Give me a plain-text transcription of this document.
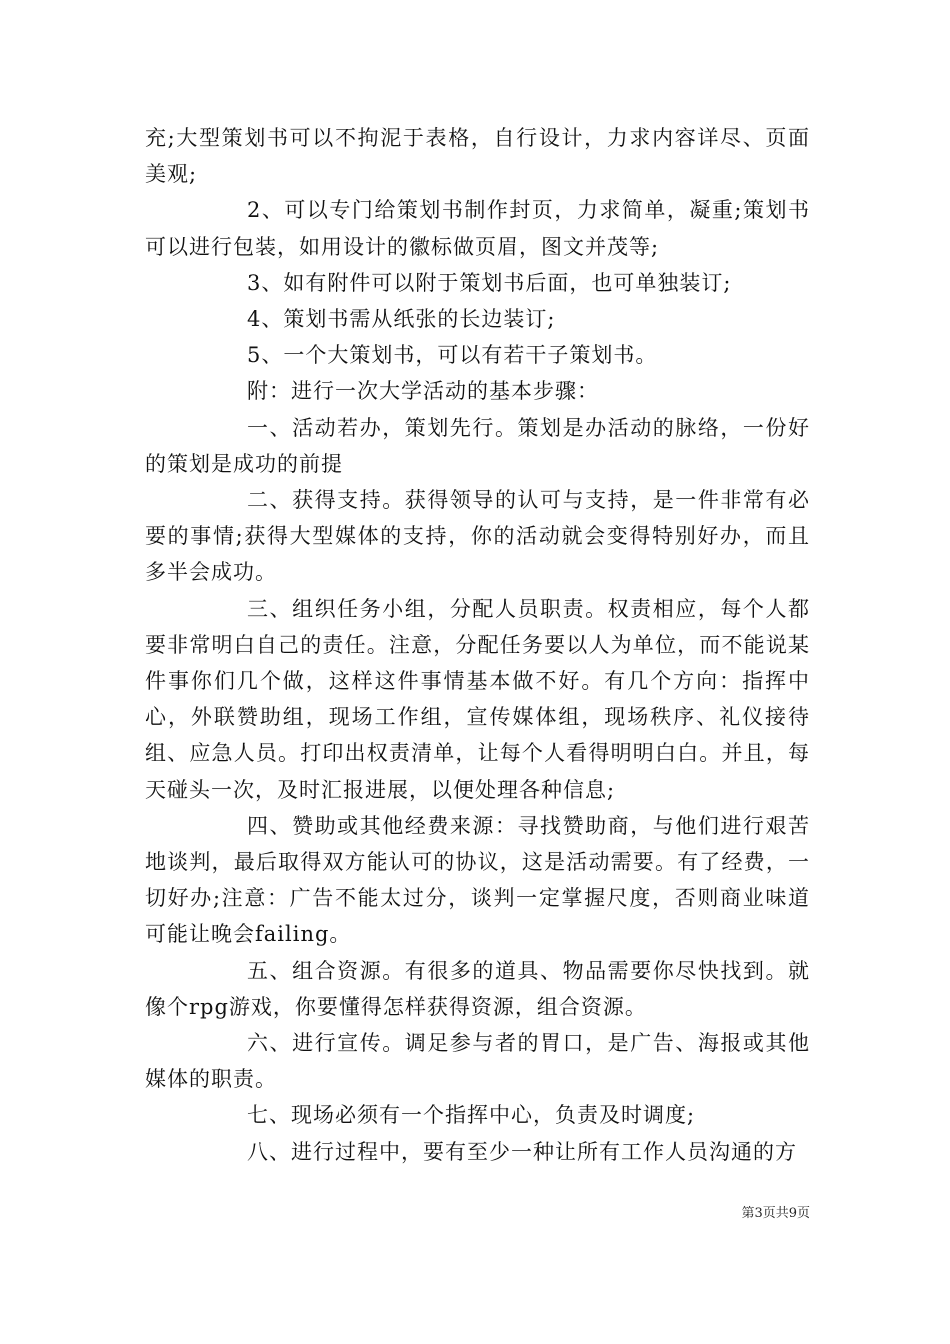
充;大型策划书可以不拘泥于表格，自行设计，力求内容详尽、页面美观;

2、可以专门给策划书制作封页，力求简单，凝重;策划书可以进行包装，如用设计的徽标做页眉，图文并茂等;

3、如有附件可以附于策划书后面，也可单独装订;

4、策划书需从纸张的长边装订;

5、一个大策划书，可以有若干子策划书。

附：进行一次大学活动的基本步骤：

一、活动若办，策划先行。策划是办活动的脉络，一份好的策划是成功的前提

二、获得支持。获得领导的认可与支持，是一件非常有必要的事情;获得大型媒体的支持，你的活动就会变得特别好办，而且多半会成功。

三、组织任务小组，分配人员职责。权责相应，每个人都要非常明白自己的责任。注意，分配任务要以人为单位，而不能说某件事你们几个做，这样这件事情基本做不好。有几个方向：指挥中心，外联赞助组，现场工作组，宣传媒体组，现场秩序、礼仪接待组、应急人员。打印出权责清单，让每个人看得明明白白。并且，每天碰头一次，及时汇报进展，以便处理各种信息;

四、赞助或其他经费来源：寻找赞助商，与他们进行艰苦地谈判，最后取得双方能认可的协议，这是活动需要。有了经费，一切好办;注意：广告不能太过分，谈判一定掌握尺度，否则商业味道可能让晚会failing。

五、组合资源。有很多的道具、物品需要你尽快找到。就像个rpg游戏，你要懂得怎样获得资源，组合资源。

六、进行宣传。调足参与者的胃口，是广告、海报或其他媒体的职责。

七、现场必须有一个指挥中心，负责及时调度;

八、进行过程中，要有至少一种让所有工作人员沟通的方

第3页共9页
